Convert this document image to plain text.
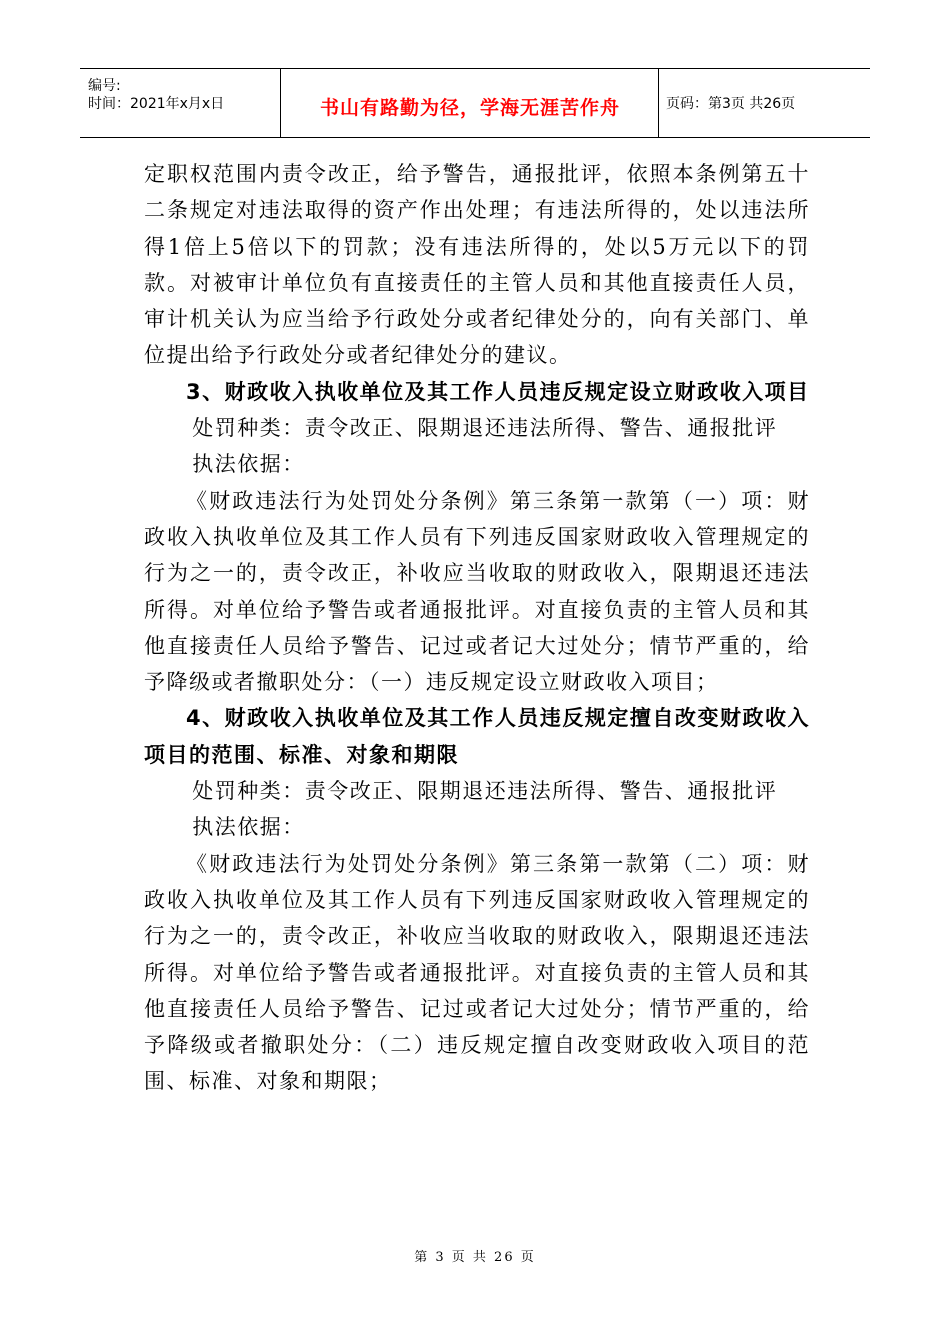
编号:
时间：2021年x月x日	书山有路勤为径，学海无涯苦作舟	页码：第3页 共26页

定职权范围内责令改正，给予警告，通报批评，依照本条例第五十二条规定对违法取得的资产作出处理；有违法所得的，处以违法所得1倍上5倍以下的罚款；没有违法所得的，处以5万元以下的罚款。对被审计单位负有直接责任的主管人员和其他直接责任人员，审计机关认为应当给予行政处分或者纪律处分的，向有关部门、单位提出给予行政处分或者纪律处分的建议。

3、财政收入执收单位及其工作人员违反规定设立财政收入项目

处罚种类：责令改正、限期退还违法所得、警告、通报批评

执法依据：

《财政违法行为处罚处分条例》第三条第一款第（一）项：财政收入执收单位及其工作人员有下列违反国家财政收入管理规定的行为之一的，责令改正，补收应当收取的财政收入，限期退还违法所得。对单位给予警告或者通报批评。对直接负责的主管人员和其他直接责任人员给予警告、记过或者记大过处分；情节严重的，给予降级或者撤职处分：（一）违反规定设立财政收入项目；

4、财政收入执收单位及其工作人员违反规定擅自改变财政收入项目的范围、标准、对象和期限

处罚种类：责令改正、限期退还违法所得、警告、通报批评

执法依据：

《财政违法行为处罚处分条例》第三条第一款第（二）项：财政收入执收单位及其工作人员有下列违反国家财政收入管理规定的行为之一的，责令改正，补收应当收取的财政收入，限期退还违法所得。对单位给予警告或者通报批评。对直接负责的主管人员和其他直接责任人员给予警告、记过或者记大过处分；情节严重的，给予降级或者撤职处分：（二）违反规定擅自改变财政收入项目的范围、标准、对象和期限；

第 3 页 共 26 页
